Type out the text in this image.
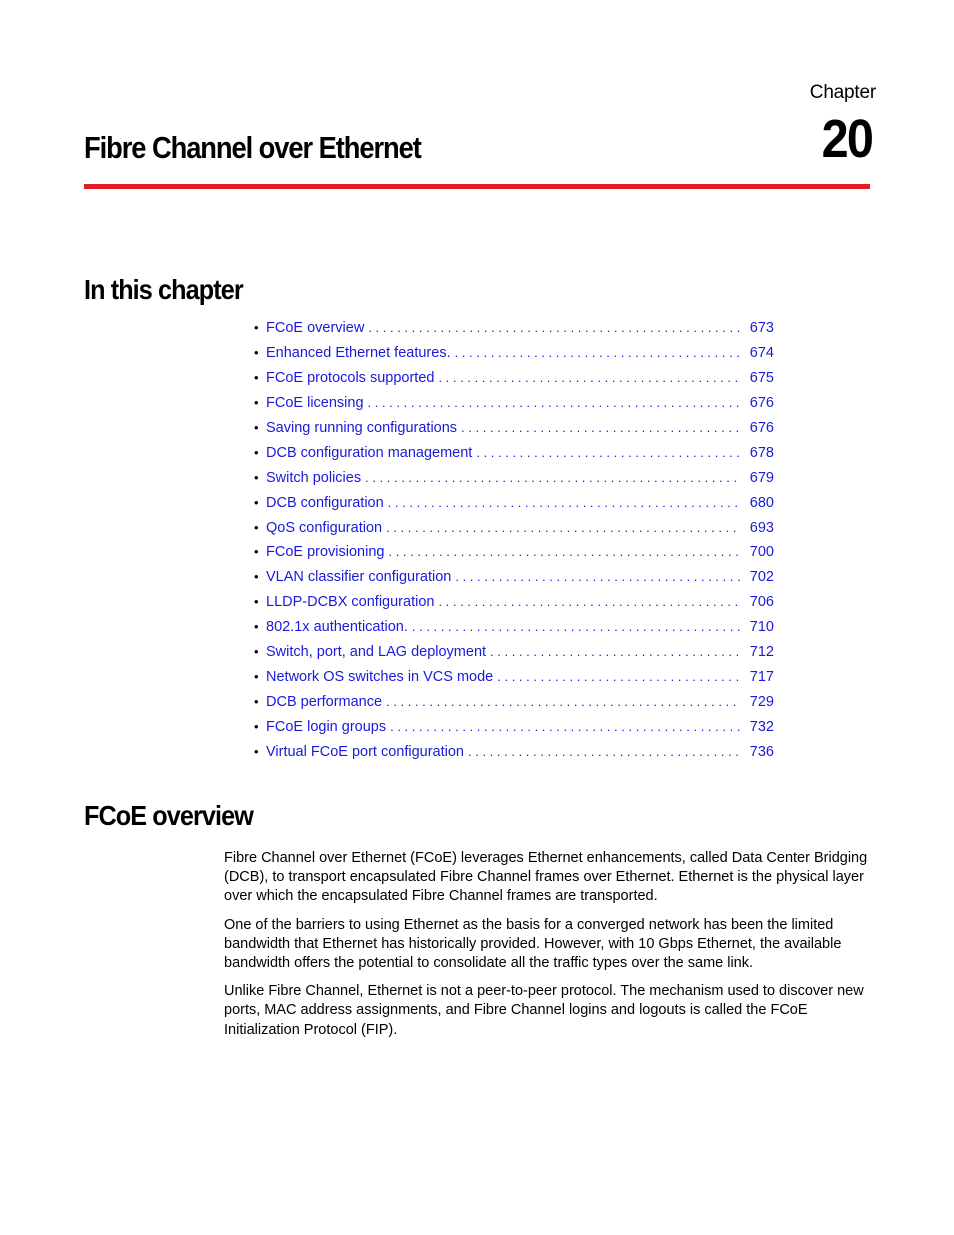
Chapter
20
Fibre Channel over Ethernet
In this chapter
• FCoE overview . . .	673
• Enhanced Ethernet features. . . .	674
• FCoE protocols supported . . .	675
• FCoE licensing . . .	676
• Saving running configurations . . .	676
• DCB configuration management . . .	678
• Switch policies . . .	679
• DCB configuration . . .	680
• QoS configuration . . .	693
• FCoE provisioning . . .	700
• VLAN classifier configuration . . .	702
• LLDP-DCBX configuration . . .	706
• 802.1x authentication. . . .	710
• Switch, port, and LAG deployment . . .	712
• Network OS switches in VCS mode . . .	717
• DCB performance . . .	729
• FCoE login groups . . .	732
• Virtual FCoE port configuration . . .	736
FCoE overview

Fibre Channel over Ethernet (FCoE) leverages Ethernet enhancements, called Data Center Bridging (DCB), to transport encapsulated Fibre Channel frames over Ethernet. Ethernet is the physical layer over which the encapsulated Fibre Channel frames are transported.

One of the barriers to using Ethernet as the basis for a converged network has been the limited bandwidth that Ethernet has historically provided. However, with 10 Gbps Ethernet, the available bandwidth offers the potential to consolidate all the traffic types over the same link.

Unlike Fibre Channel, Ethernet is not a peer-to-peer protocol. The mechanism used to discover new ports, MAC address assignments, and Fibre Channel logins and logouts is called the FCoE Initialization Protocol (FIP).
